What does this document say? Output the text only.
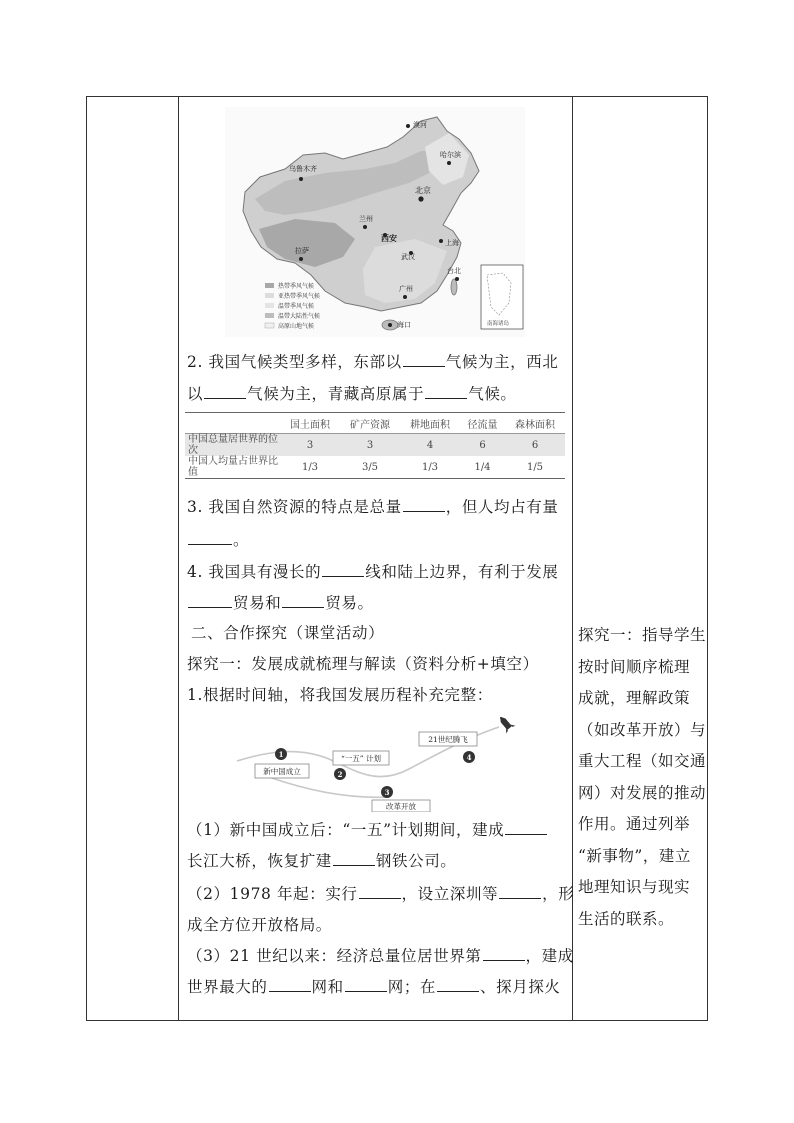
漠河
乌鲁木齐
哈尔滨
北京
兰州
西安
拉萨
武汉
上海
台北
广州
海口
热带季风气候
亚热带季风气候
温带季风气候
温带大陆性气候
高原山地气候	南海诸岛
2. 我国气候类型多样，东部以	气候为主，西北
以	气候为主，青藏高原属于	气候。
	国土面积	矿产资源	耕地面积	径流量	森林面积
中国总量居世界的位次	3	3	4	6	6
中国人均量占世界比值	1/3	3/5	1/3	1/4	1/5
3. 我国自然资源的特点是总量	，但人均占有量
。
4. 我国具有漫长的	线和陆上边界，有利于发展
贸易和	贸易。
二、合作探究（课堂活动）
探究一：发展成就梳理与解读（资料分析+填空）
1.根据时间轴，将我国发展历程补充完整：
1
新中国成立	2
“一五” 计划
3
改革开放
4
21世纪腾飞
（1）新中国成立后：“一五”计划期间，建成
长江大桥，恢复扩建	钢铁公司。
（2）1978 年起：实行	，设立深圳等	，形
成全方位开放格局。
（3）21 世纪以来：经济总量位居世界第	，建成
世界最大的	网和	网；在	、探月探火
探究一：指导学生
按时间顺序梳理
成就，理解政策
（如改革开放）与
重大工程（如交通
网）对发展的推动
作用。通过列举
“新事物”，建立
地理知识与现实
生活的联系。
